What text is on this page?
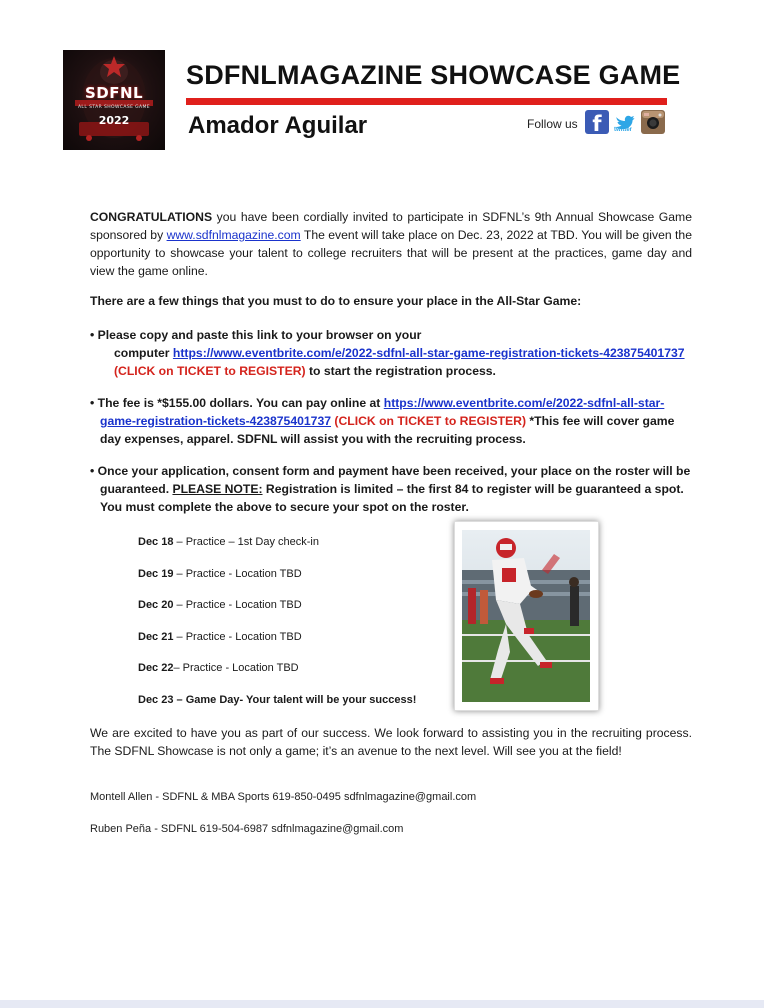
SDFNL
ALL STAR SHOWCASE GAME
2022
SDFNLMAGAZINE SHOWCASE GAME
Amador Aguilar	Follow us f	twitter
CONGRATULATIONS you have been cordially invited to participate in SDFNL’s 9th Annual Showcase Game sponsored by www.sdfnlmagazine.com The event will take place on Dec. 23, 2022 at TBD. You will be given the opportunity to showcase your talent to college recruiters that will be present at the practices, game day and view the game online.
There are a few things that you must to do to ensure your place in the All-Star Game:
• Please copy and paste this link to your browser on your
computer https://www.eventbrite.com/e/2022-sdfnl-all-star-game-registration-tickets-423875401737 (CLICK on TICKET to REGISTER) to start the registration process.
• The fee is *$155.00 dollars. You can pay online at https://www.eventbrite.com/e/2022-sdfnl-all-star-game-registration-tickets-423875401737 (CLICK on TICKET to REGISTER) *This fee will cover game day expenses, apparel. SDFNL will assist you with the recruiting process.
• Once your application, consent form and payment have been received, your place on the roster will be guaranteed. PLEASE NOTE: Registration is limited – the first 84 to register will be guaranteed a spot. You must complete the above to secure your spot on the roster.
Dec 18 – Practice – 1st Day check-in
Dec 19 – Practice - Location TBD
Dec 20 – Practice - Location TBD
Dec 21 – Practice - Location TBD
Dec 22– Practice - Location TBD
Dec 23 – Game Day- Your talent will be your success!
We are excited to have you as part of our success. We look forward to assisting you in the recruiting process. The SDFNL Showcase is not only a game; it’s an avenue to the next level. Will see you at the field!
Montell Allen - SDFNL & MBA Sports 619-850-0495 sdfnlmagazine@gmail.com
Ruben Peña - SDFNL 619-504-6987 sdfnlmagazine@gmail.com
